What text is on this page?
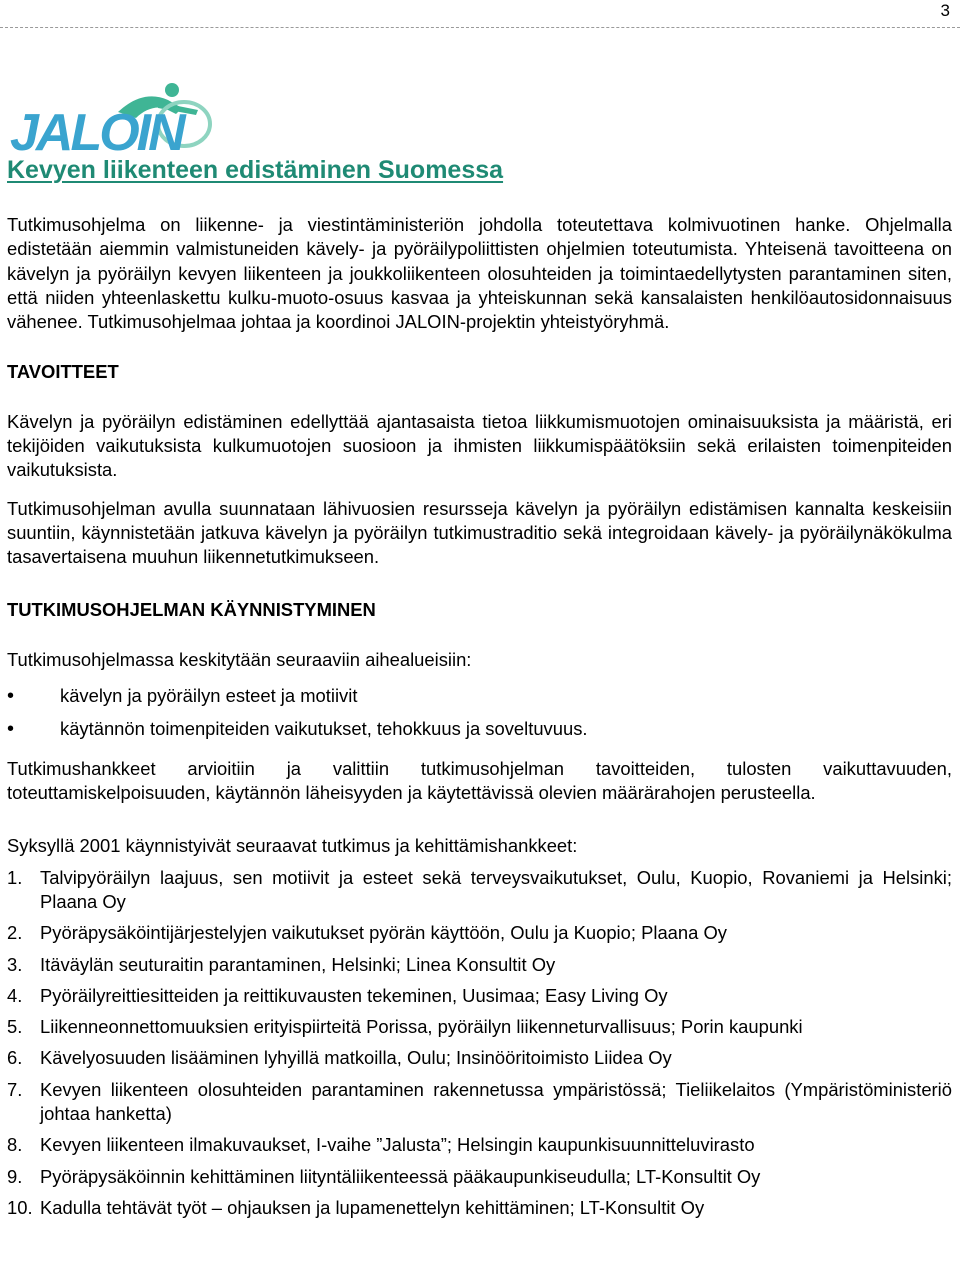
3
JALOIN
Kevyen liikenteen edistäminen Suomessa

Tutkimusohjelma on liikenne- ja viestintäministeriön johdolla toteutettava kolmivuotinen hanke. Ohjelmalla edistetään aiemmin valmistuneiden kävely- ja pyöräilypoliittisten ohjelmien toteutumista. Yhteisenä tavoitteena on kävelyn ja pyöräilyn kevyen liikenteen ja joukkoliikenteen olosuhteiden ja toimintaedellytysten parantaminen siten, että niiden yhteenlaskettu kulku-muoto-osuus kasvaa ja yhteiskunnan sekä kansalaisten henkilöautosidonnaisuus vähenee. Tutkimusohjelmaa johtaa ja koordinoi JALOIN-projektin yhteistyöryhmä.

TAVOITTEET

Kävelyn ja pyöräilyn edistäminen edellyttää ajantasaista tietoa liikkumismuotojen ominaisuuksista ja määristä, eri tekijöiden vaikutuksista kulkumuotojen suosioon ja ihmisten liikkumispäätöksiin sekä erilaisten toimenpiteiden vaikutuksista.

Tutkimusohjelman avulla suunnataan lähivuosien resursseja kävelyn ja pyöräilyn edistämisen kannalta keskeisiin suuntiin, käynnistetään jatkuva kävelyn ja pyöräilyn tutkimustraditio sekä integroidaan kävely- ja pyöräilynäkökulma tasavertaisena muuhun liikennetutkimukseen.

TUTKIMUSOHJELMAN KÄYNNISTYMINEN

Tutkimusohjelmassa keskitytään seuraaviin aihealueisiin:

• kävelyn ja pyöräilyn esteet ja motiivit
• käytännön toimenpiteiden vaikutukset, tehokkuus ja soveltuvuus.

Tutkimushankkeet arvioitiin ja valittiin tutkimusohjelman tavoitteiden, tulosten vaikuttavuuden, toteuttamiskelpoisuuden, käytännön läheisyyden ja käytettävissä olevien määrärahojen perusteella.

Syksyllä 2001 käynnistyivät seuraavat tutkimus ja kehittämishankkeet:

1. Talvipyöräilyn laajuus, sen motiivit ja esteet sekä terveysvaikutukset, Oulu, Kuopio, Rovaniemi ja Helsinki; Plaana Oy
2. Pyöräpysäköintijärjestelyjen vaikutukset pyörän käyttöön, Oulu ja Kuopio; Plaana Oy
3. Itäväylän seuturaitin parantaminen, Helsinki; Linea Konsultit Oy
4. Pyöräilyreittiesitteiden ja reittikuvausten tekeminen, Uusimaa; Easy Living Oy
5. Liikenneonnettomuuksien erityispiirteitä Porissa, pyöräilyn liikenneturvallisuus; Porin kaupunki
6. Kävelyosuuden lisääminen lyhyillä matkoilla, Oulu; Insinööritoimisto Liidea Oy
7. Kevyen liikenteen olosuhteiden parantaminen rakennetussa ympäristössä; Tieliikelaitos (Ympäristöministeriö johtaa hanketta)
8. Kevyen liikenteen ilmakuvaukset, I-vaihe ”Jalusta”; Helsingin kaupunkisuunnitteluvirasto
9. Pyöräpysäköinnin kehittäminen liityntäliikenteessä pääkaupunkiseudulla; LT-Konsultit Oy
10. Kadulla tehtävät työt – ohjauksen ja lupamenettelyn kehittäminen; LT-Konsultit Oy
